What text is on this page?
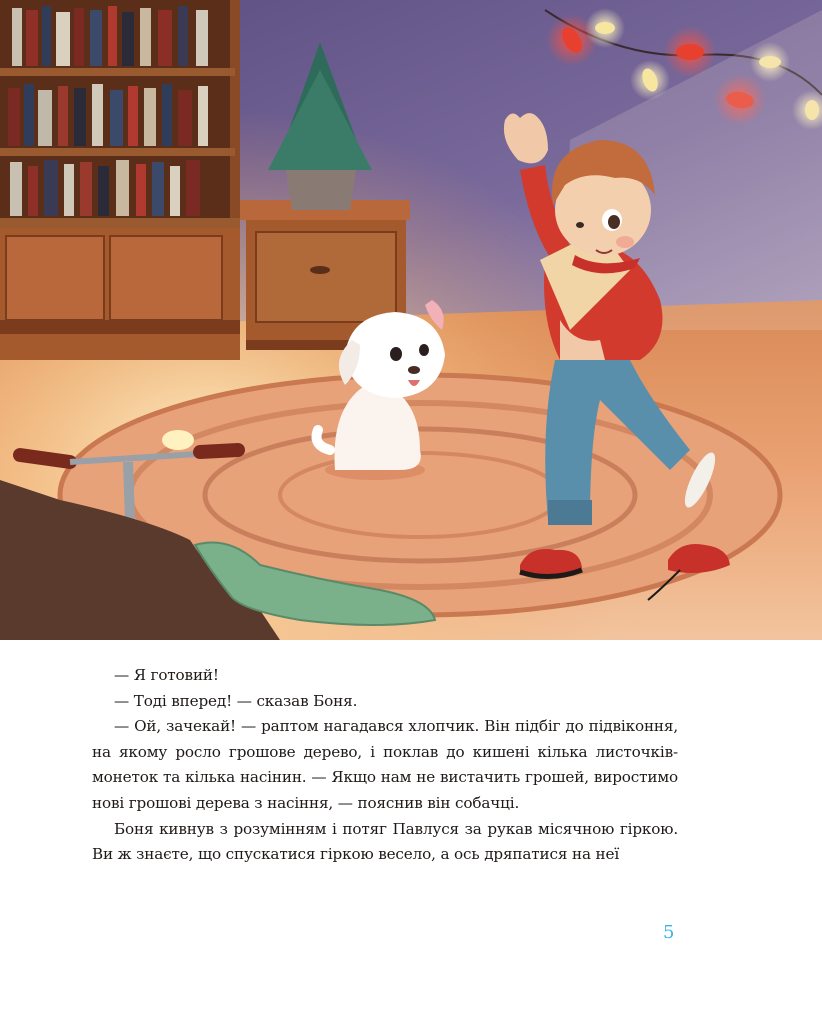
— Я готовий!

— Тоді вперед! — сказав Боня.

— Ой, зачекай! — раптом нагадався хлопчик. Він підбіг до підвіконня, на якому росло грошове дерево, і поклав до кишені кілька листочків-монеток та кілька насінин. — Якщо нам не вистачить грошей, виростимо нові грошові дерева з насіння, — пояснив він собачці.

Боня кивнув з розумінням і потяг Павлуся за рукав місячною гіркою. Ви ж знаєте, що спускатися гіркою весело, а ось дряпатися на неї

5
